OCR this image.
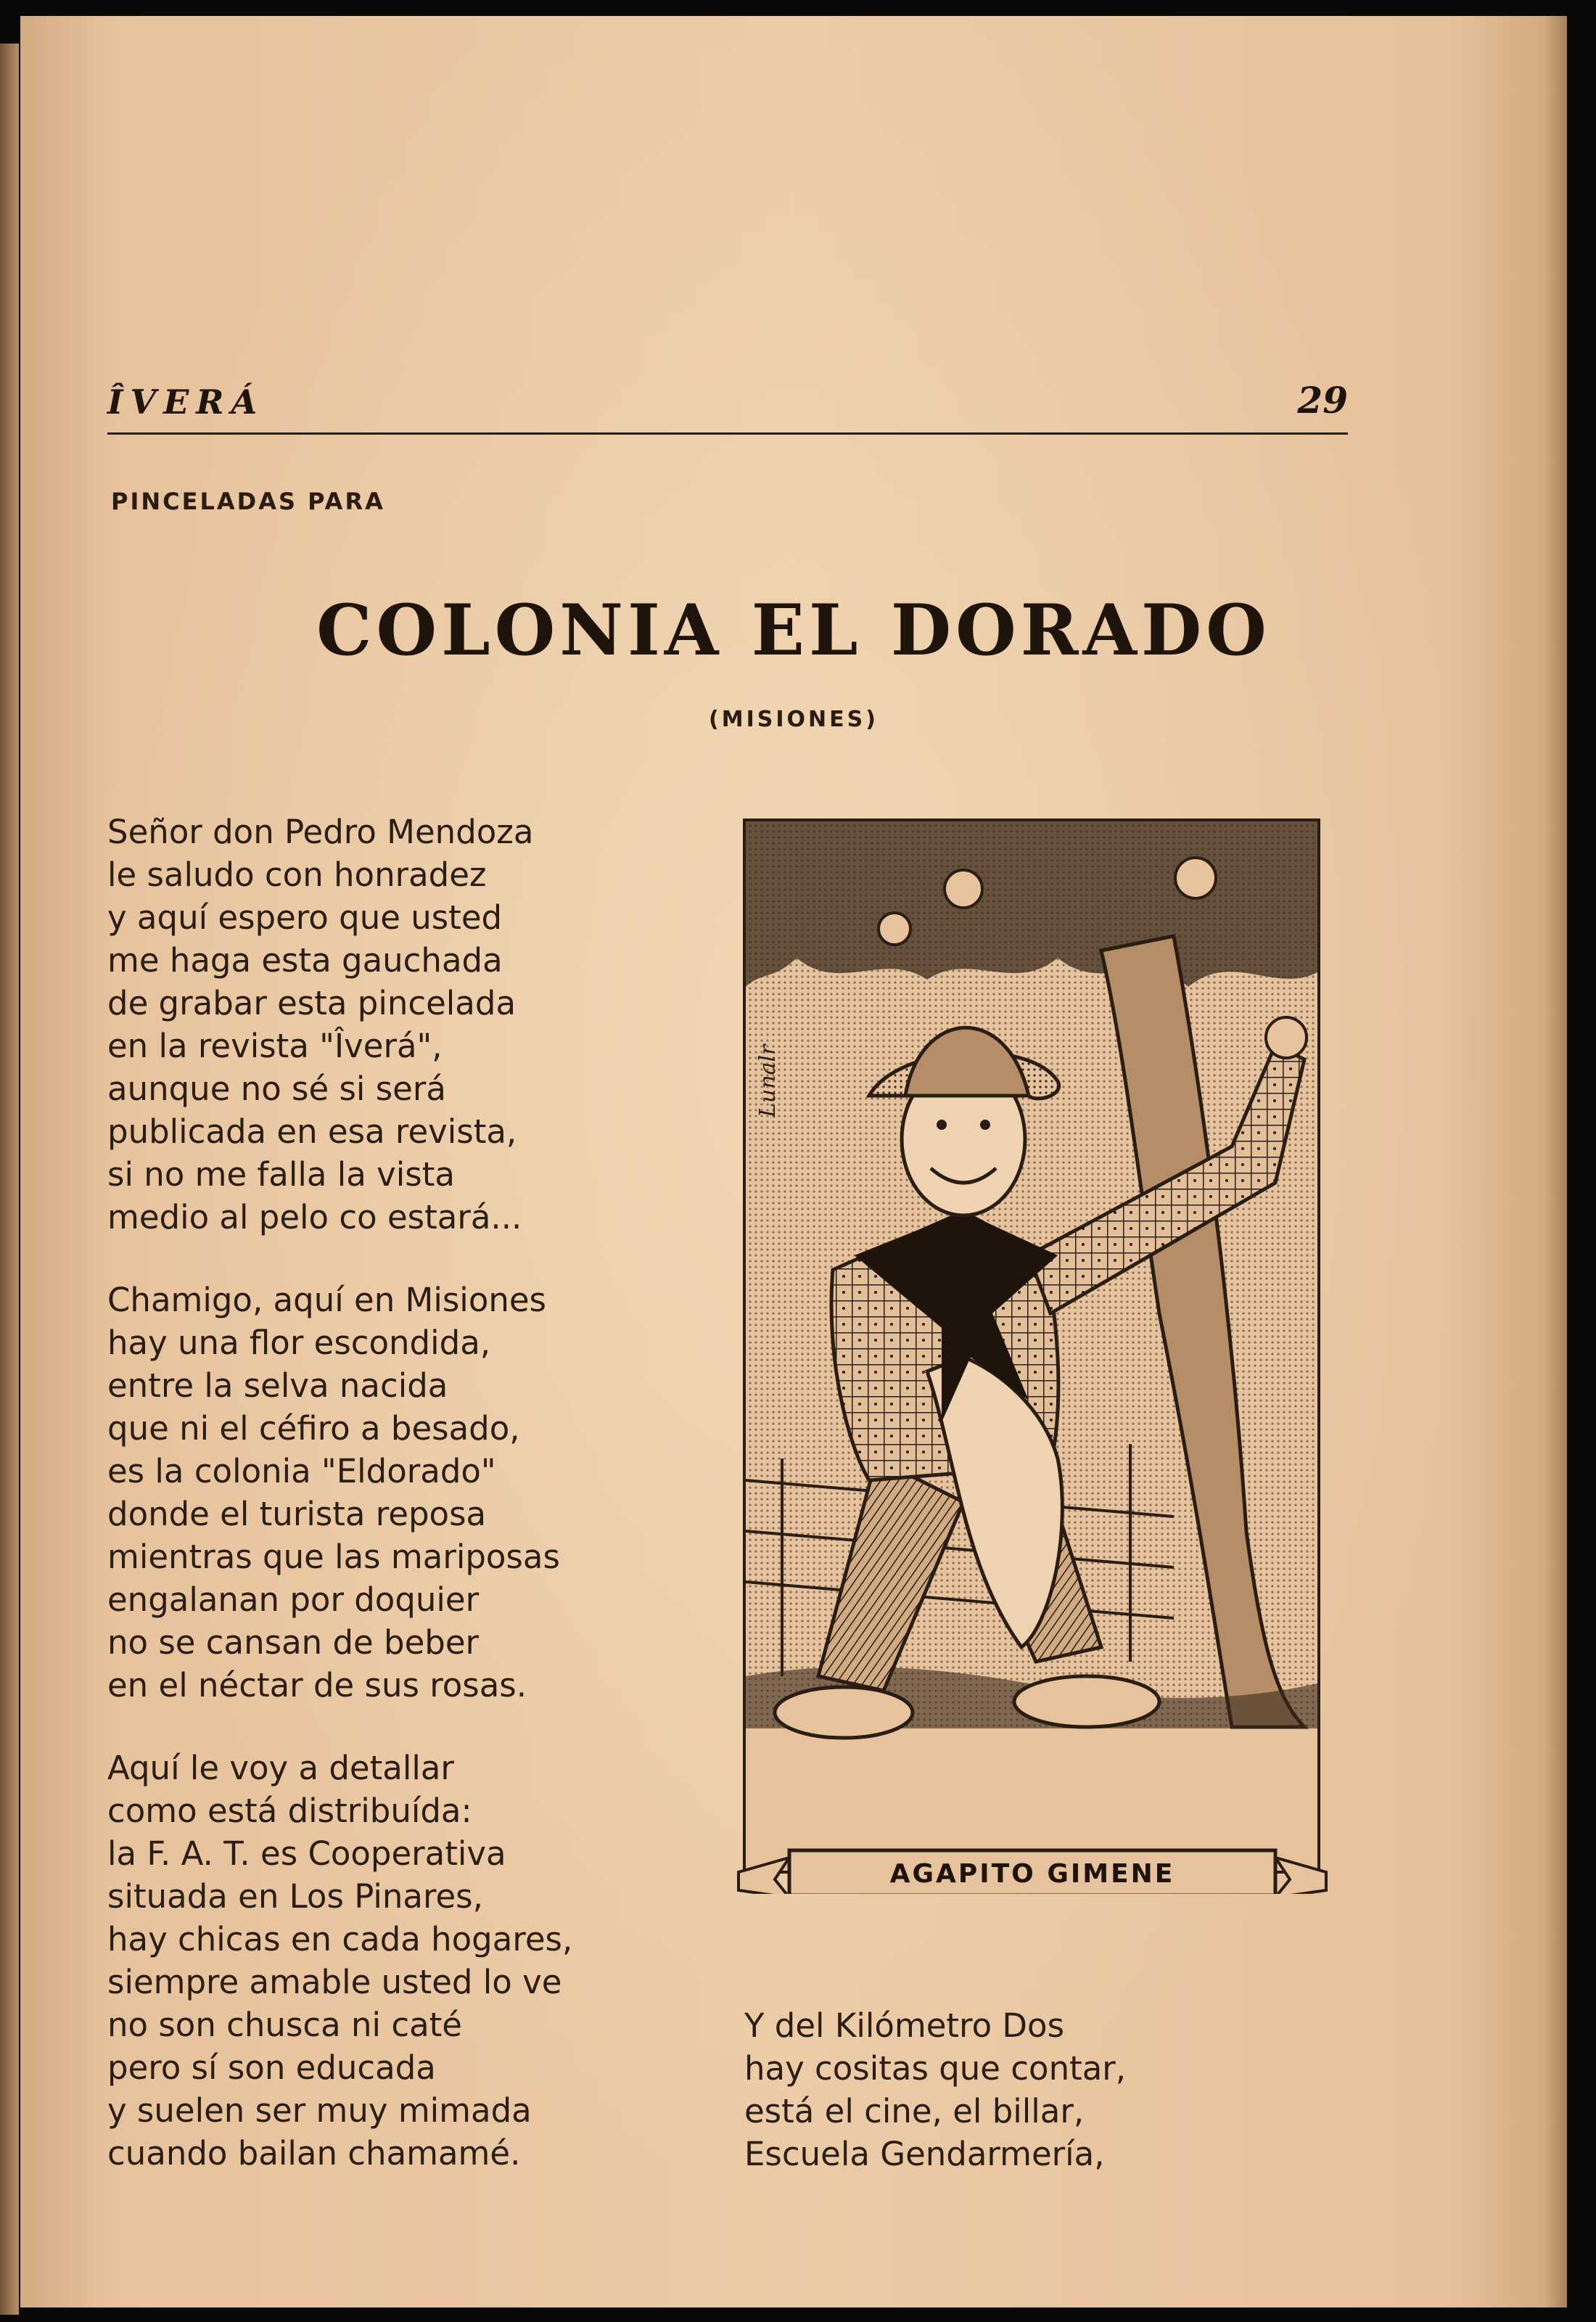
ÎVERÁ	29
PINCELADAS PARA
COLONIA EL DORADO
(MISIONES)
Señor don Pedro Mendoza
le saludo con honradez
y aquí espero que usted
me haga esta gauchada
de grabar esta pincelada
en la revista "Îverá",
aunque no sé si será
publicada en esa revista,
si no me falla la vista
medio al pelo co estará...
Chamigo, aquí en Misiones
hay una flor escondida,
entre la selva nacida
que ni el céfiro a besado,
es la colonia "Eldorado"
donde el turista reposa
mientras que las mariposas
engalanan por doquier
no se cansan de beber
en el néctar de sus rosas.
Aquí le voy a detallar
como está distribuída:
la F. A. T. es Cooperativa
situada en Los Pinares,
hay chicas en cada hogares,
siempre amable usted lo ve
no son chusca ni caté
pero sí son educada
y suelen ser muy mimada
cuando bailan chamamé.
Y del Kilómetro Dos
hay cositas que contar,
está el cine, el billar,
Escuela Gendarmería,
Lunalr
AGAPITO GIMENE
